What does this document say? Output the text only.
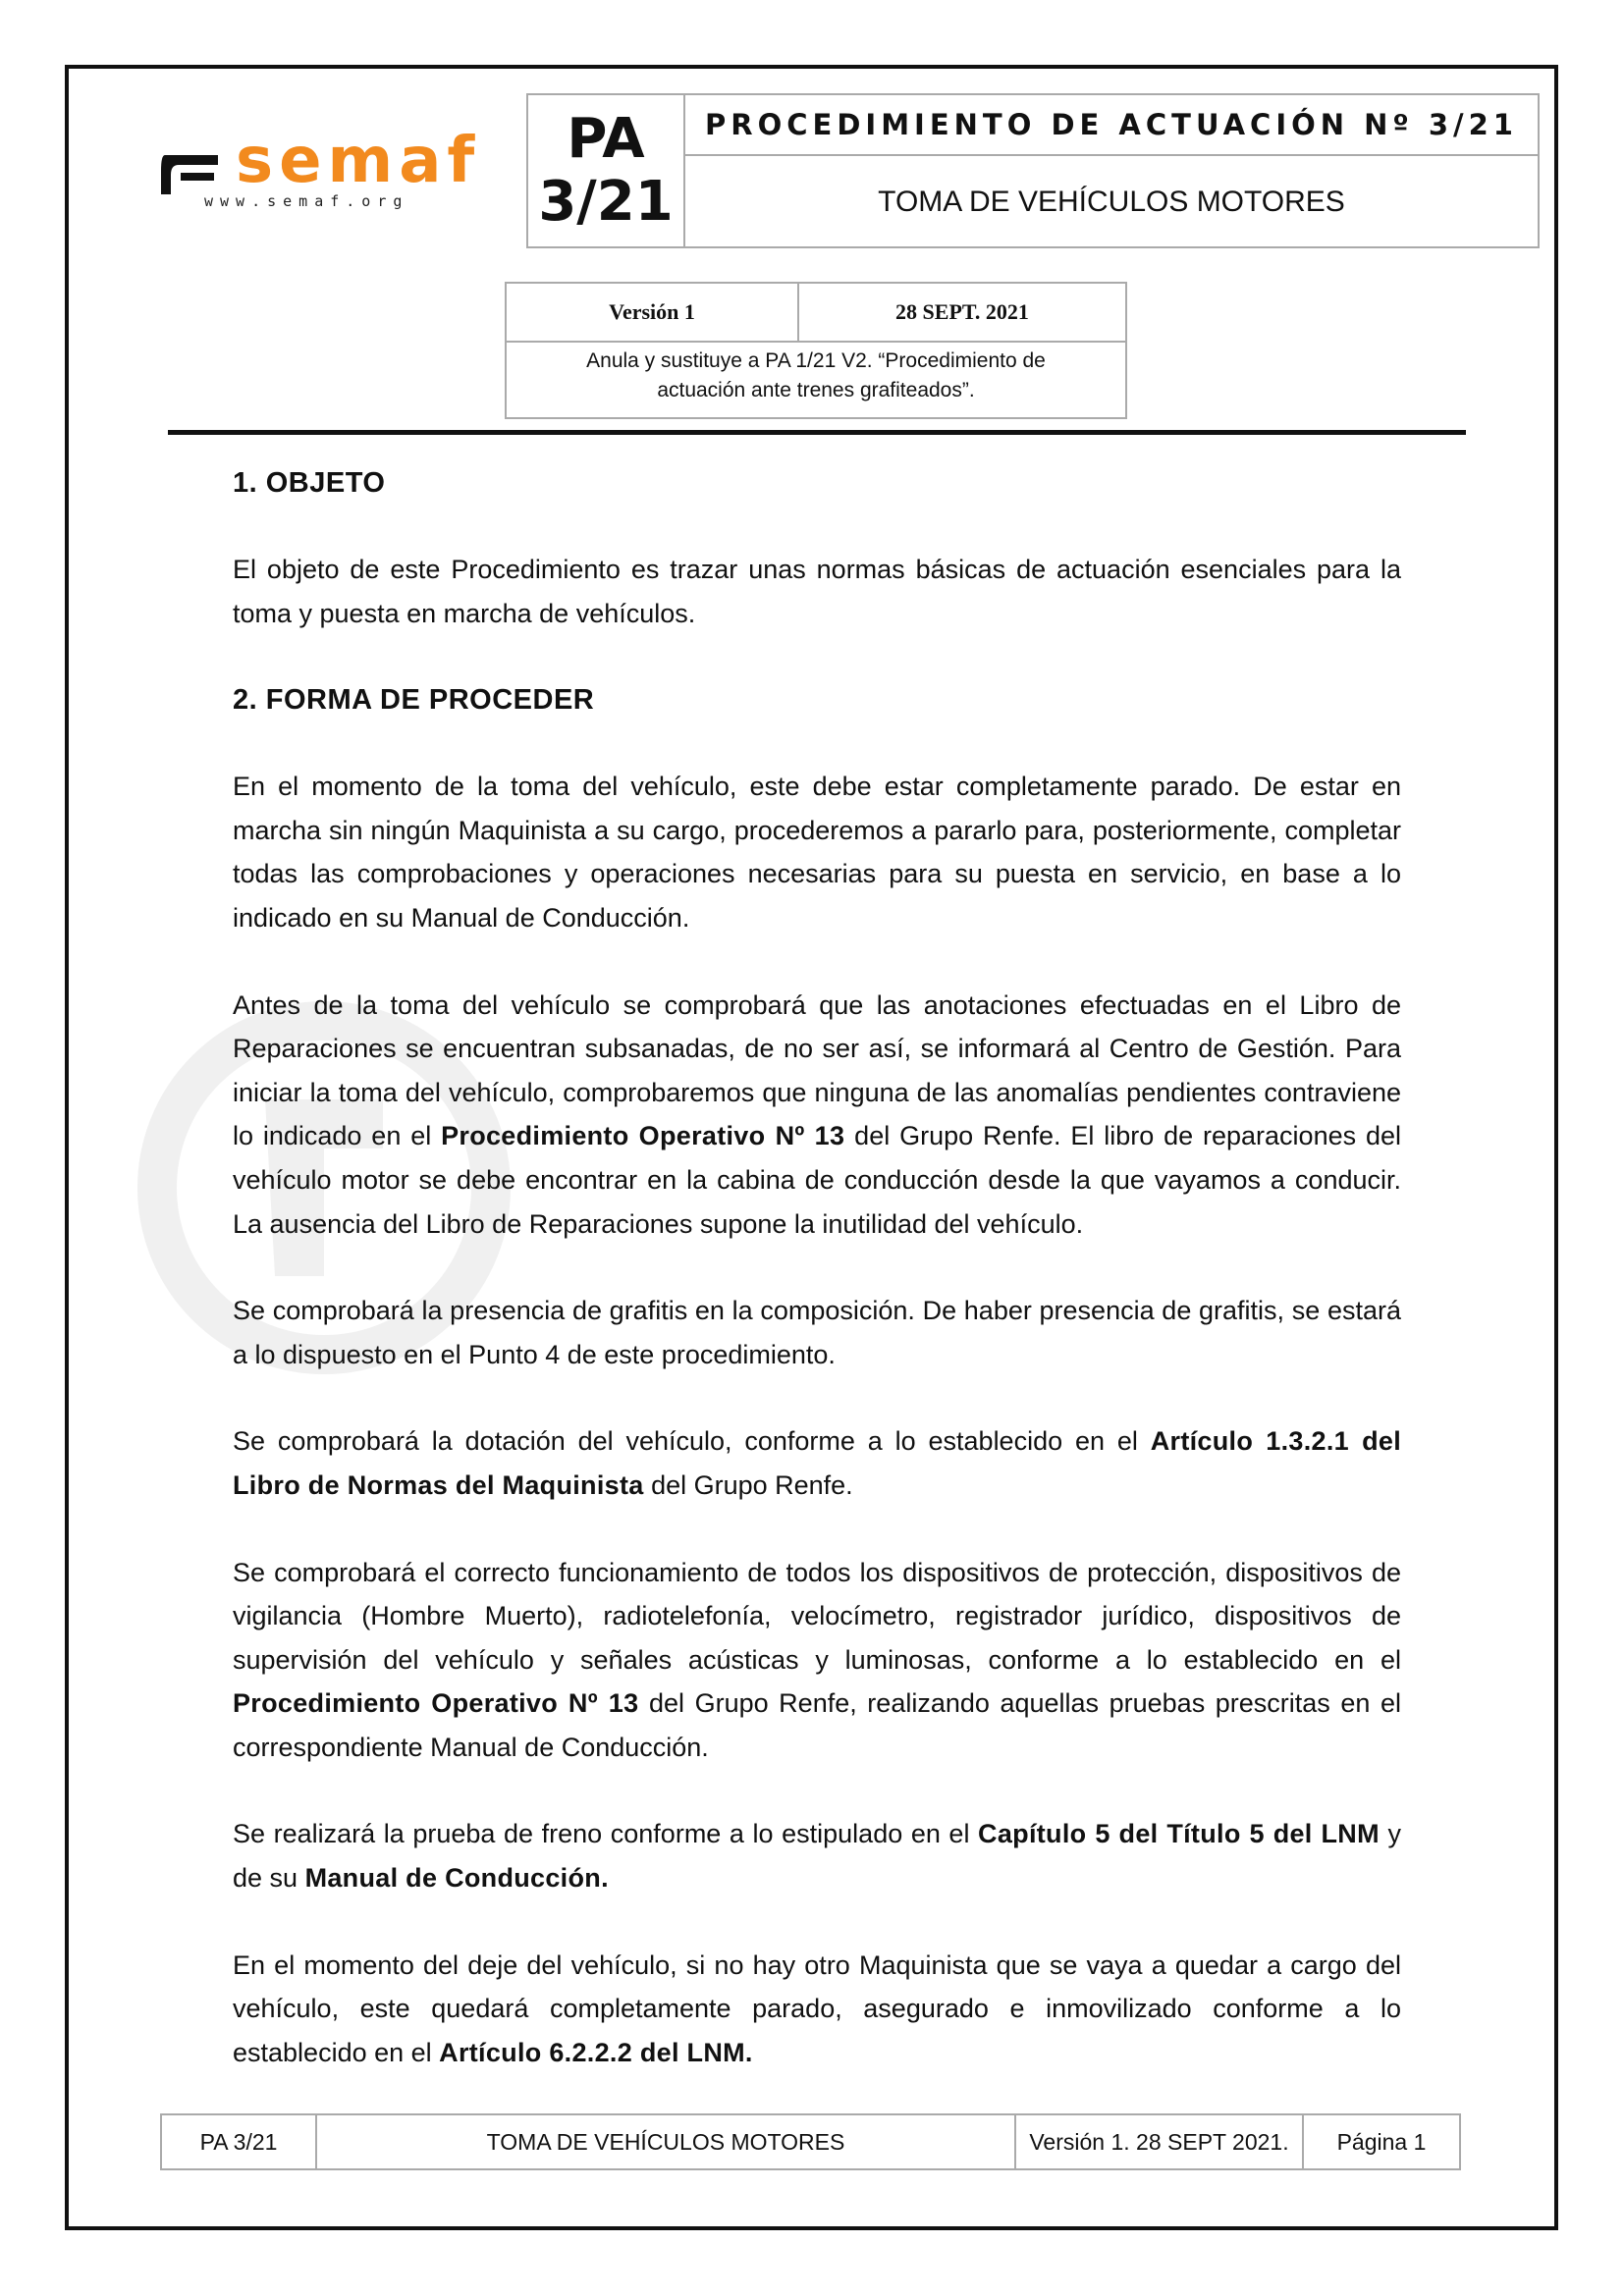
semaf
www.semaf.org
PA
3/21
PROCEDIMIENTO DE ACTUACIÓN Nº 3/21
TOMA DE VEHÍCULOS MOTORES
Versión 1	28 SEPT. 2021
Anula y sustituye a PA 1/21 V2. “Procedimiento de actuación ante trenes grafiteados”.
1. OBJETO

El objeto de este Procedimiento es trazar unas normas básicas de actuación esenciales para la toma y puesta en marcha de vehículos.

2. FORMA DE PROCEDER

En el momento de la toma del vehículo, este debe estar completamente parado. De estar en marcha sin ningún Maquinista a su cargo, procederemos a pararlo para, posteriormente, completar todas las comprobaciones y operaciones necesarias para su puesta en servicio, en base a lo indicado en su Manual de Conducción.

Antes de la toma del vehículo se comprobará que las anotaciones efectuadas en el Libro de Reparaciones se encuentran subsanadas, de no ser así, se informará al Centro de Gestión. Para iniciar la toma del vehículo, comprobaremos que ninguna de las anomalías pendientes contraviene lo indicado en el Procedimiento Operativo Nº 13 del Grupo Renfe. El libro de reparaciones del vehículo motor se debe encontrar en la cabina de conducción desde la que vayamos a conducir. La ausencia del Libro de Reparaciones supone la inutilidad del vehículo.

Se comprobará la presencia de grafitis en la composición. De haber presencia de grafitis, se estará a lo dispuesto en el Punto 4 de este procedimiento.

Se comprobará la dotación del vehículo, conforme a lo establecido en el Artículo 1.3.2.1 del Libro de Normas del Maquinista del Grupo Renfe.

Se comprobará el correcto funcionamiento de todos los dispositivos de protección, dispositivos de vigilancia (Hombre Muerto), radiotelefonía, velocímetro, registrador jurídico, dispositivos de supervisión del vehículo y señales acústicas y luminosas, conforme a lo establecido en el Procedimiento Operativo Nº 13 del Grupo Renfe, realizando aquellas pruebas prescritas en el correspondiente Manual de Conducción.

Se realizará la prueba de freno conforme a lo estipulado en el Capítulo 5 del Título 5 del LNM y de su Manual de Conducción.

En el momento del deje del vehículo, si no hay otro Maquinista que se vaya a quedar a cargo del vehículo, este quedará completamente parado, asegurado e inmovilizado conforme a lo establecido en el Artículo 6.2.2.2 del LNM.

PA 3/21	TOMA DE VEHÍCULOS MOTORES	Versión 1. 28 SEPT 2021.	Página 1
